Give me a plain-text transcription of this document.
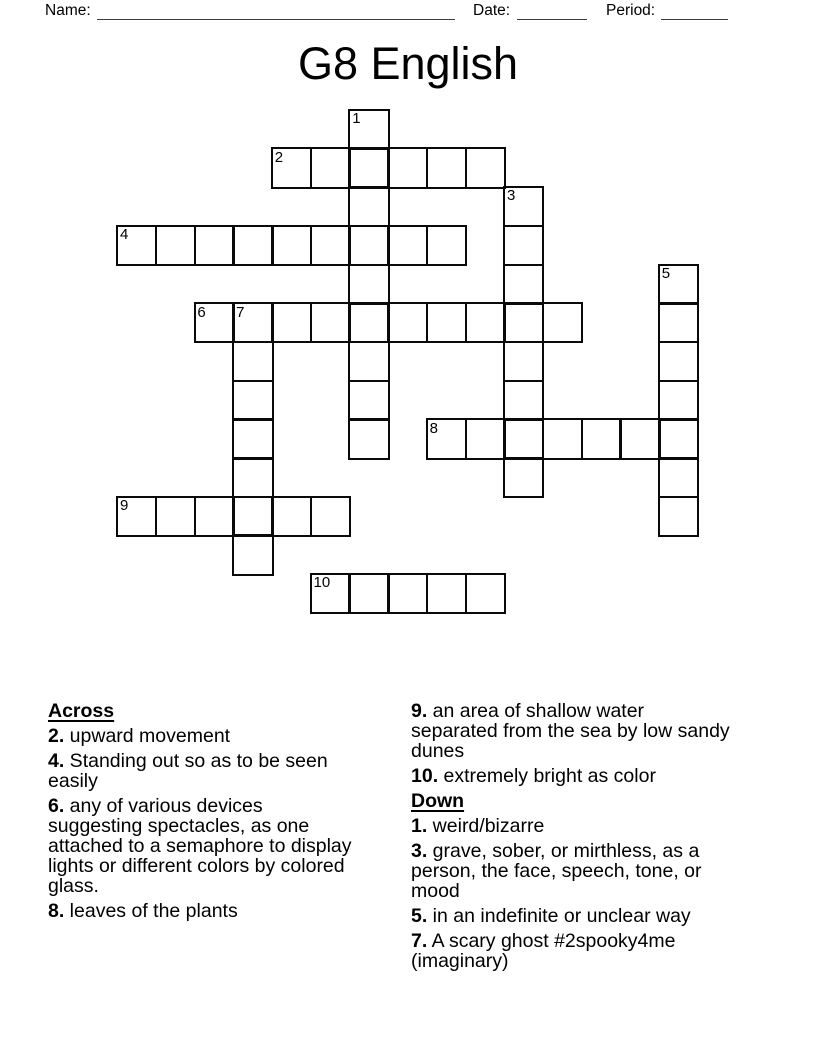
Name:	Date:	Period:
G8 English
1
2
3
4
5
6 7
8
9
10
Across
2. upward movement
4. Standing out so as to be seen
easily
6. any of various devices
suggesting spectacles, as one
attached to a semaphore to display
lights or different colors by colored
glass.
8. leaves of the plants
9. an area of shallow water
separated from the sea by low sandy
dunes
10. extremely bright as color
Down
1. weird/bizarre
3. grave, sober, or mirthless, as a
person, the face, speech, tone, or
mood
5. in an indefinite or unclear way
7. A scary ghost #2spooky4me
(imaginary)
